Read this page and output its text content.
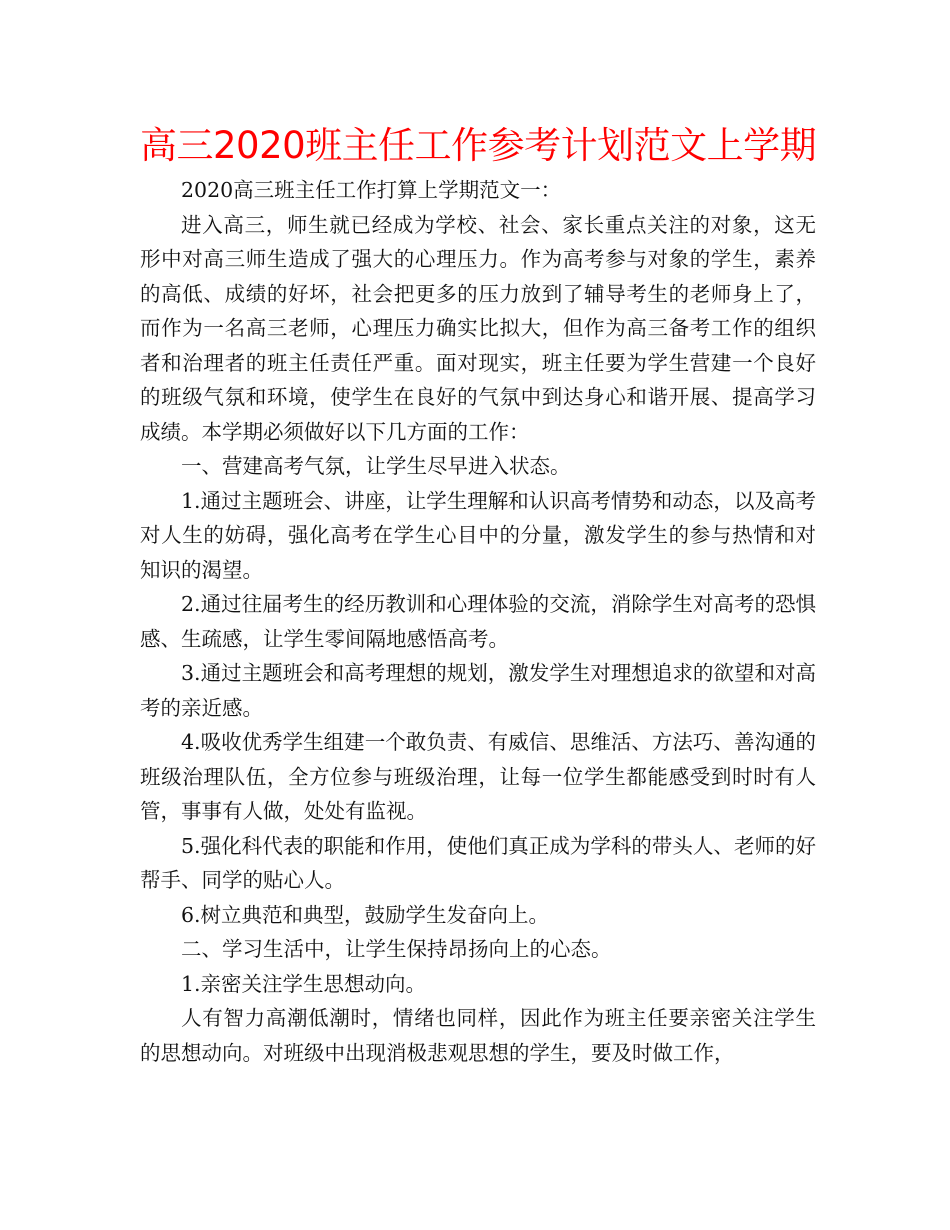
高三2020班主任工作参考计划范文上学期

2020高三班主任工作打算上学期范文一：

进入高三，师生就已经成为学校、社会、家长重点关注的对象，这无形中对高三师生造成了强大的心理压力。作为高考参与对象的学生，素养的高低、成绩的好坏，社会把更多的压力放到了辅导考生的老师身上了，而作为一名高三老师，心理压力确实比拟大，但作为高三备考工作的组织者和治理者的班主任责任严重。面对现实，班主任要为学生营建一个良好的班级气氛和环境，使学生在良好的气氛中到达身心和谐开展、提高学习成绩。本学期必须做好以下几方面的工作：

一、营建高考气氛，让学生尽早进入状态。

1.通过主题班会、讲座，让学生理解和认识高考情势和动态，以及高考对人生的妨碍，强化高考在学生心目中的分量，激发学生的参与热情和对知识的渴望。

2.通过往届考生的经历教训和心理体验的交流，消除学生对高考的恐惧感、生疏感，让学生零间隔地感悟高考。

3.通过主题班会和高考理想的规划，激发学生对理想追求的欲望和对高考的亲近感。

4.吸收优秀学生组建一个敢负责、有威信、思维活、方法巧、善沟通的班级治理队伍，全方位参与班级治理，让每一位学生都能感受到时时有人管，事事有人做，处处有监视。

5.强化科代表的职能和作用，使他们真正成为学科的带头人、老师的好帮手、同学的贴心人。

6.树立典范和典型，鼓励学生发奋向上。

二、学习生活中，让学生保持昂扬向上的心态。

1.亲密关注学生思想动向。

人有智力高潮低潮时，情绪也同样，因此作为班主任要亲密关注学生的思想动向。对班级中出现消极悲观思想的学生，要及时做工作，
